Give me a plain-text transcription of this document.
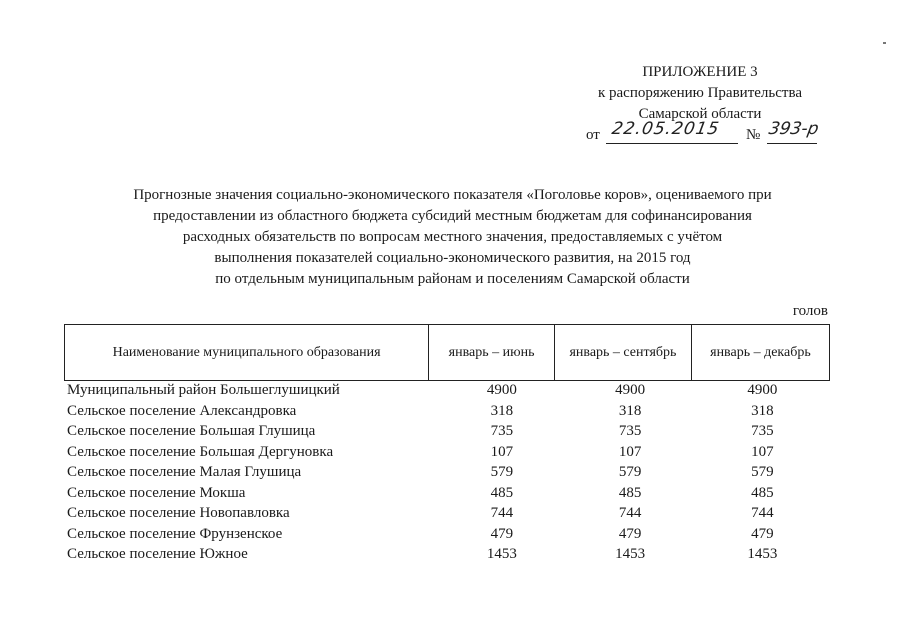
ПРИЛОЖЕНИЕ 3
к распоряжению Правительства
Самарской области
от 22.05.2015 № 393-р
Прогнозные значения социально-экономического показателя «Поголовье коров», оцениваемого при
предоставлении из областного бюджета субсидий местным бюджетам для софинансирования
расходных обязательств по вопросам местного значения, предоставляемых с учётом
выполнения показателей социально-экономического развития, на 2015 год
по отдельным муниципальным районам и поселениям Самарской области
голов
Наименование муниципального образования	январь – июнь	январь – сентябрь	январь – декабрь
Муниципальный район Большеглушицкий	4900	4900	4900
Сельское поселение Александровка	318	318	318
Сельское поселение Большая Глушица	735	735	735
Сельское поселение Большая Дергуновка	107	107	107
Сельское поселение Малая Глушица	579	579	579
Сельское поселение Мокша	485	485	485
Сельское поселение Новопавловка	744	744	744
Сельское поселение Фрунзенское	479	479	479
Сельское поселение Южное	1453	1453	1453
